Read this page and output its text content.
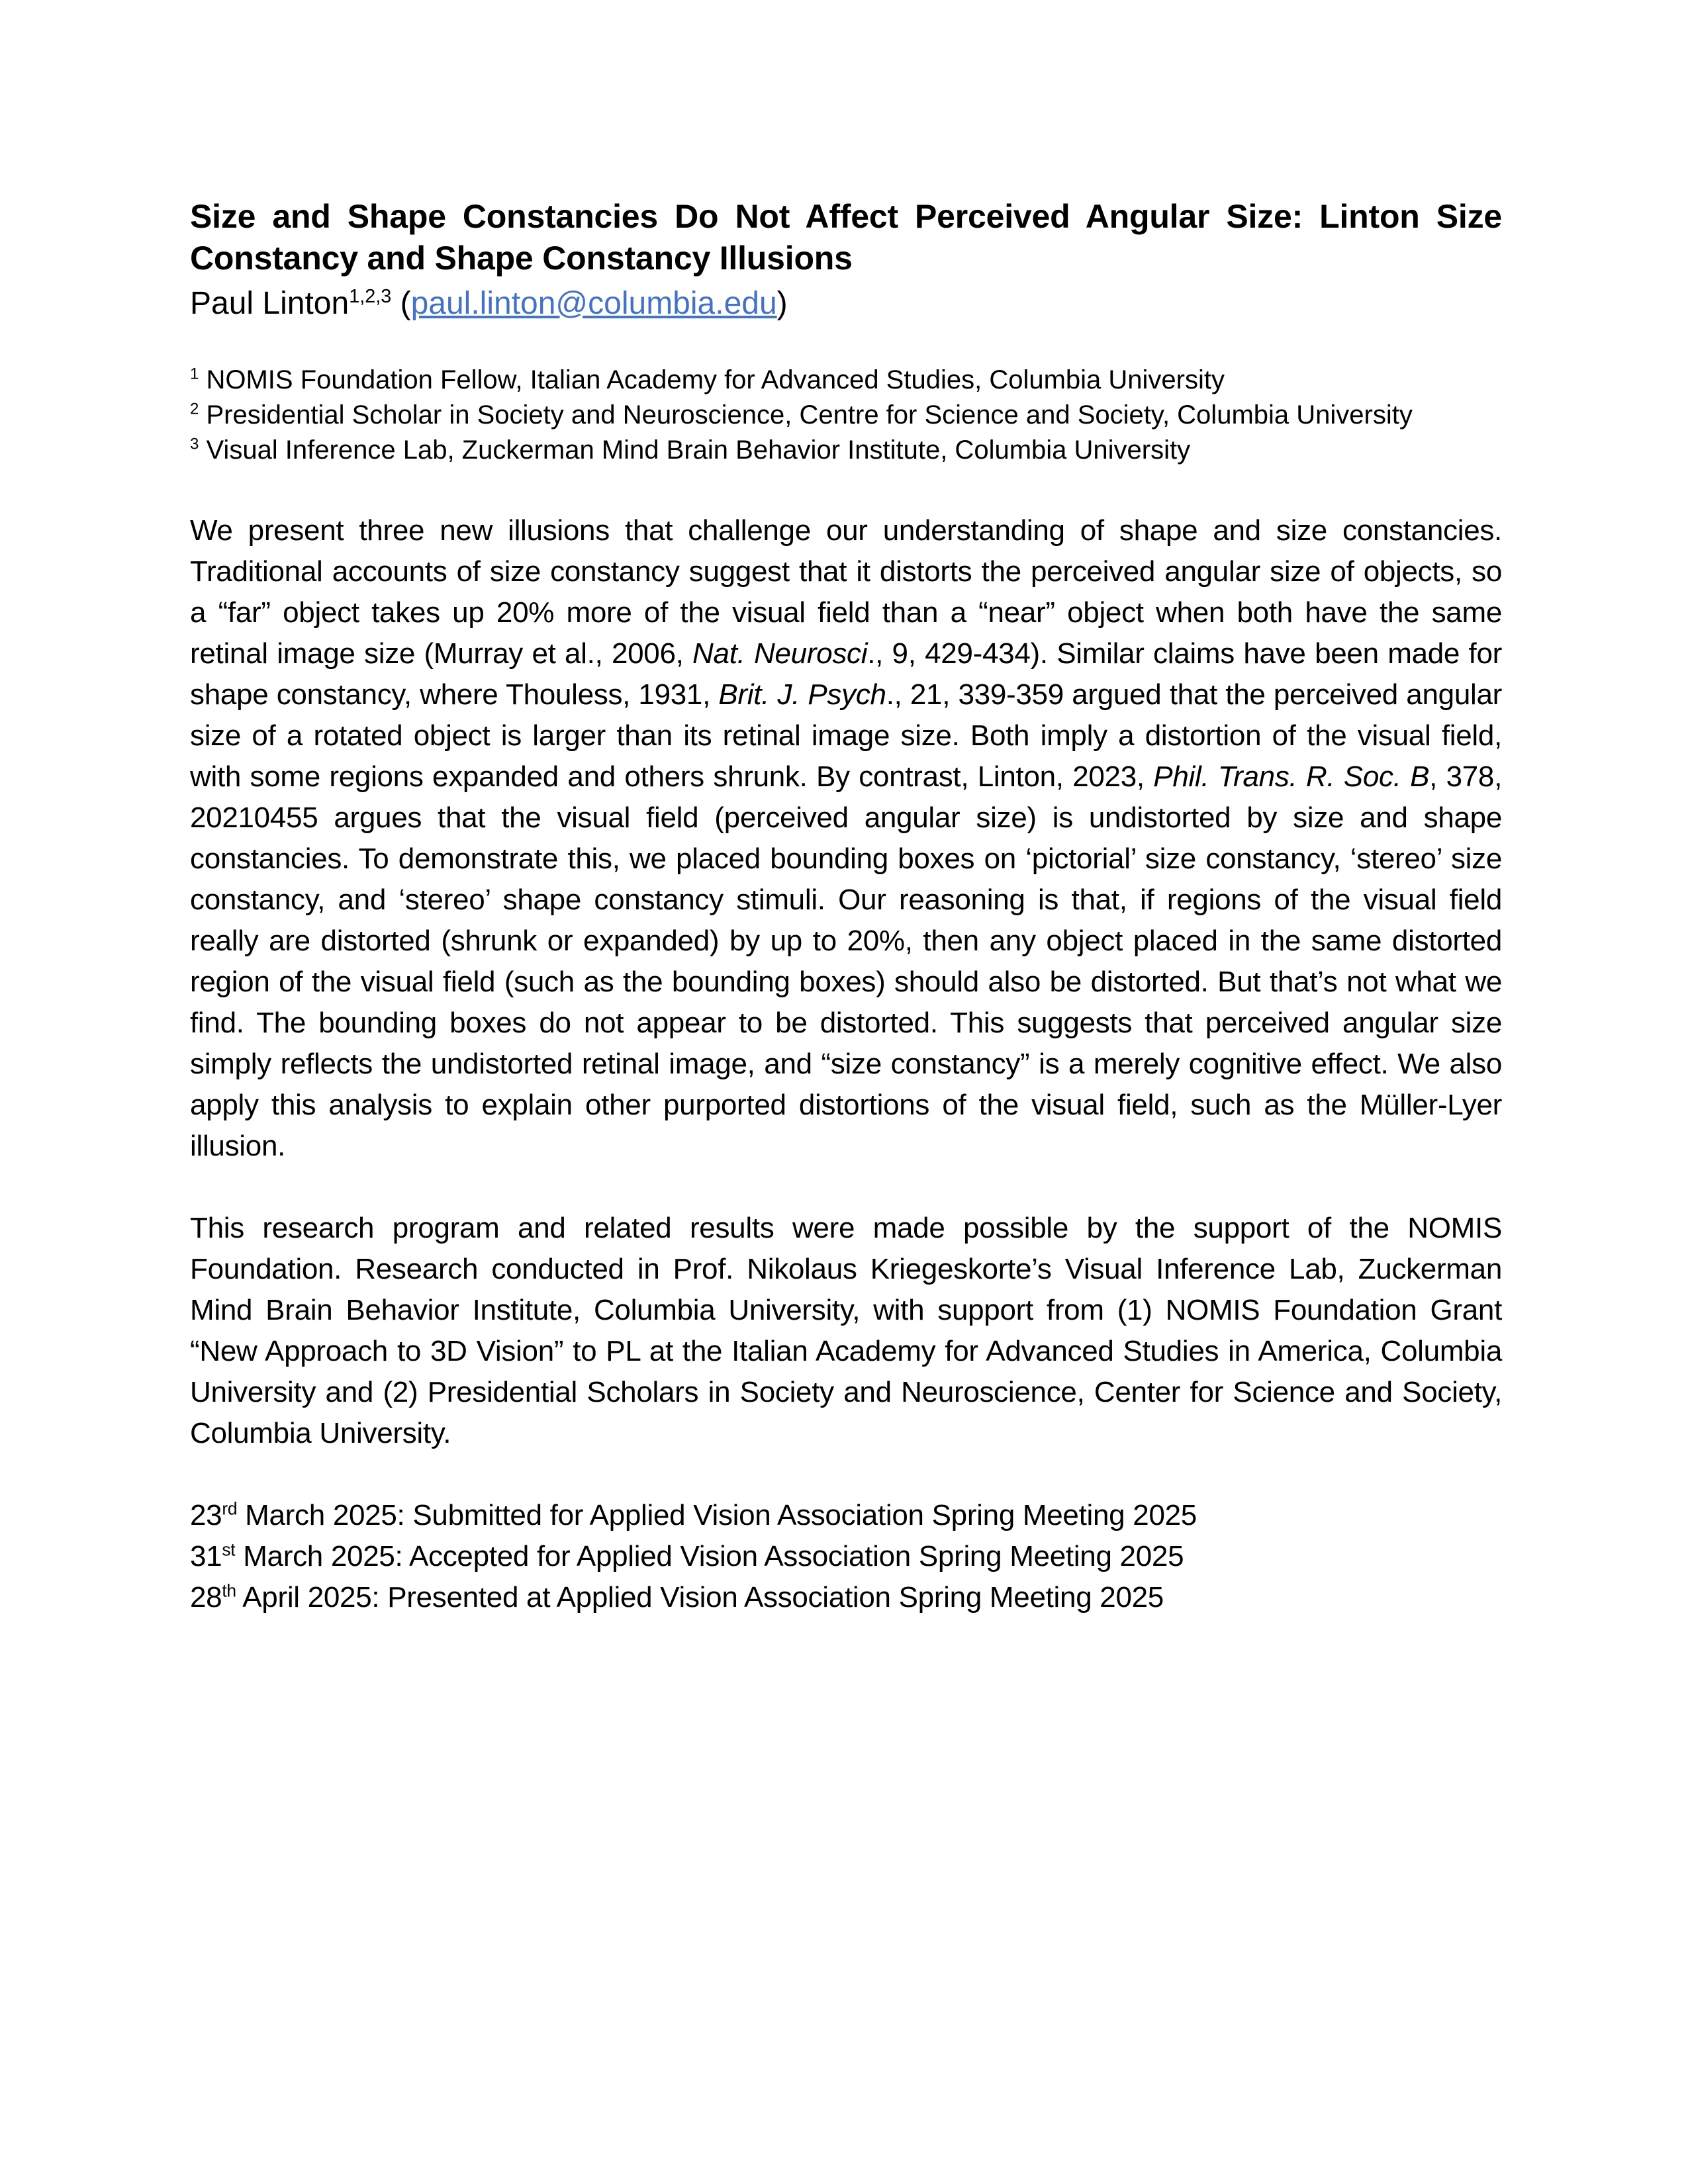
Size and Shape Constancies Do Not Affect Perceived Angular Size: Linton Size Constancy and Shape Constancy Illusions

Paul Linton$^{1,2,3}$ (paul.linton@columbia.edu)

$^1$ NOMIS Foundation Fellow, Italian Academy for Advanced Studies, Columbia University

$^2$ Presidential Scholar in Society and Neuroscience, Centre for Science and Society, Columbia University

$^3$ Visual Inference Lab, Zuckerman Mind Brain Behavior Institute, Columbia University

We present three new illusions that challenge our understanding of shape and size constancies. Traditional accounts of size constancy suggest that it distorts the perceived angular size of objects, so a “far” object takes up 20% more of the visual field than a “near” object when both have the same retinal image size (Murray et al., 2006, Nat. Neurosci., 9, 429-434). Similar claims have been made for shape constancy, where Thouless, 1931, Brit. J. Psych., 21, 339-359 argued that the perceived angular size of a rotated object is larger than its retinal image size. Both imply a distortion of the visual field, with some regions expanded and others shrunk. By contrast, Linton, 2023, Phil. Trans. R. Soc. B, 378, 20210455 argues that the visual field (perceived angular size) is undistorted by size and shape constancies. To demonstrate this, we placed bounding boxes on ‘pictorial’ size constancy, ‘stereo’ size constancy, and ‘stereo’ shape constancy stimuli. Our reasoning is that, if regions of the visual field really are distorted (shrunk or expanded) by up to 20%, then any object placed in the same distorted region of the visual field (such as the bounding boxes) should also be distorted. But that’s not what we find. The bounding boxes do not appear to be distorted. This suggests that perceived angular size simply reflects the undistorted retinal image, and “size constancy” is a merely cognitive effect. We also apply this analysis to explain other purported distortions of the visual field, such as the Müller-Lyer illusion.

This research program and related results were made possible by the support of the NOMIS Foundation. Research conducted in Prof. Nikolaus Kriegeskorte’s Visual Inference Lab, Zuckerman Mind Brain Behavior Institute, Columbia University, with support from (1) NOMIS Foundation Grant “New Approach to 3D Vision” to PL at the Italian Academy for Advanced Studies in America, Columbia University and (2) Presidential Scholars in Society and Neuroscience, Center for Science and Society, Columbia University.

23rd March 2025: Submitted for Applied Vision Association Spring Meeting 2025

31st March 2025: Accepted for Applied Vision Association Spring Meeting 2025

28th April 2025: Presented at Applied Vision Association Spring Meeting 2025
